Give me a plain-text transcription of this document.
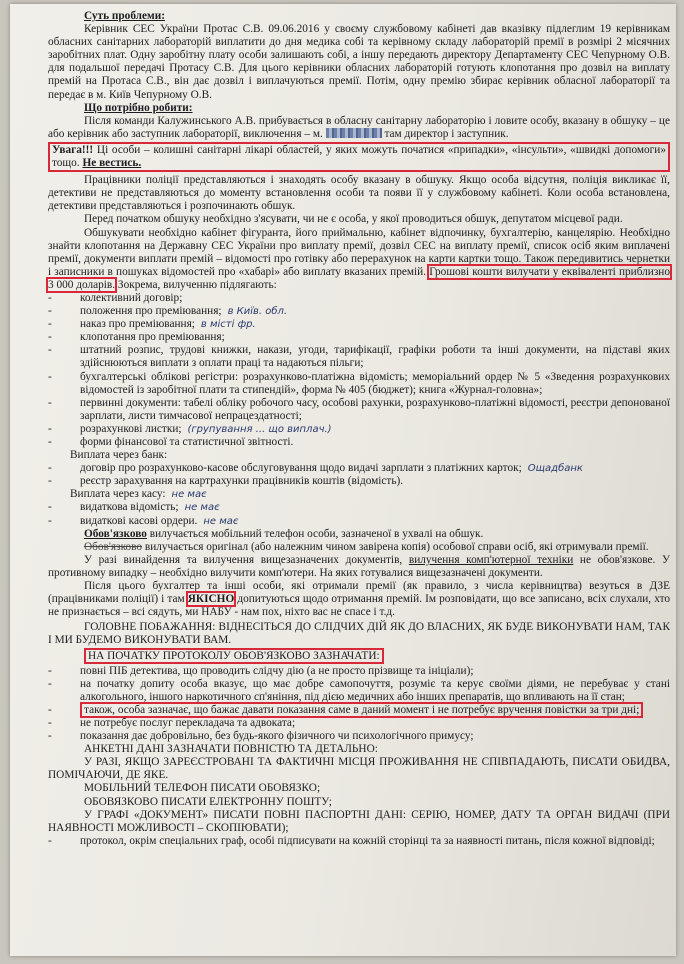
Суть проблеми:

Керівник СЕС України Протас С.В. 09.06.2016 у своєму службовому кабінеті дав вказівку підлеглим 19 керівникам обласних санітарних лабораторій виплатити до дня медика собі та керівному складу лабораторій премії в розмірі 2 місячних заробітних плат. Одну заробітну плату особи залишають собі, а іншу передають директору Департаменту СЕС Чепурному О.В. для подальшої передачі Протасу С.В. Для цього керівники обласних лабораторій готують клопотання про дозвіл на виплату премій на Протаса С.В., він дає дозвіл і виплачуються премії. Потім, одну премію збирає керівник обласної лабораторії та передає в м. Київ Чепурному О.В.

Що потрібно робити:

Після команди Калужинського А.В. прибувається в обласну санітарну лабораторію і ловите особу, вказану в обшуку – це або керівник або заступник лабораторії, виключення – м.	там директор і заступник.

Увага!!! Ці особи – колишні санітарні лікарі областей, у яких можуть початися «припадки», «інсульти», «швидкі допомоги» тощо. Не вестись.

Працівники поліції представляються і знаходять особу вказану в обшуку. Якщо особа відсутня, поліція викликає її, детективи не представляються до моменту встановлення особи та появи її у службовому кабінеті. Коли особа встановлена, детективи представляються і розпочинають обшук.

Перед початком обшуку необхідно з'ясувати, чи не є особа, у якої проводиться обшук, депутатом місцевої ради.

Обшукувати необхідно кабінет фігуранта, його приймальню, кабінет відпочинку, бухгалтерію, канцелярію. Необхідно знайти клопотання на Державну СЕС України про виплату премії, дозвіл СЕС на виплату премії, список осіб яким виплачені премії, документи виплати премій – відомості про готівку або перерахунок на карти картки тощо. Також передивитись чернетки і записники в пошуках відомостей про «хабарі» або виплату вказаних премій. Грошові кошти вилучати у еквіваленті приблизно 3 000 доларів. Зокрема, вилученню підлягають:

- колективний договір;
- положення про преміювання; в Київ. обл.
- наказ про преміювання; в місті фр.
- клопотання про преміювання;
- штатний розпис, трудові книжки, накази, угоди, тарифікації, графіки роботи та інші документи, на підставі яких здійснюються виплати з оплати праці та надаються пільги;
- бухгалтерські облікові регістри: розрахунково-платіжна відомість; меморіальний ордер № 5 «Зведення розрахункових відомостей із заробітної плати та стипендій», форма № 405 (бюджет); книга «Журнал-головна»;
- первинні документи: табелі обліку робочого часу, особові рахунки, розрахунково-платіжні відомості, реєстри депонованої зарплати, листи тимчасової непрацездатності;
- розрахункові листки; (групування ... що виплач.)
- форми фінансової та статистичної звітності.

Виплата через банк:

- договір про розрахунково-касове обслуговування щодо видачі зарплати з платіжних карток; Ощадбанк
- реєстр зарахування на картрахунки працівників коштів (відомість).

Виплата через касу: не має

- видаткова відомість; не має
- видаткові касові ордери. не має

Обов'язково вилучається мобільний телефон особи, зазначеної в ухвалі на обшук.

Обов'язково вилучається оригінал (або належним чином завірена копія) особової справи осіб, які отримували премії.

У разі винайдення та вилучення вищезазначених документів, вилучення комп'ютерної техніки не обов'язкове. У противному випадку – необхідно вилучити комп'ютери. На яких готувалися вищезазначені документи.

Після цього бухгалтер та інші особи, які отримали премії (як правило, з числа керівництва) везуться в ДЗЕ (працівниками поліції) і там ЯКІСНО допитуються щодо отримання премій. Ім розповідати, що все записано, всіх слухали, хто не признається – всі сядуть, ми НАБУ - нам пох, ніхто вас не спасе і т.д.

ГОЛОВНЕ ПОБАЖАННЯ: ВІДНЕСІТЬСЯ ДО СЛІДЧИХ ДІЙ ЯК ДО ВЛАСНИХ, ЯК БУДЕ ВИКОНУВАТИ НАМ, ТАК І МИ БУДЕМО ВИКОНУВАТИ ВАМ.

НА ПОЧАТКУ ПРОТОКОЛУ ОБОВ'ЯЗКОВО ЗАЗНАЧАТИ:

- повні ПІБ детектива, що проводить слідчу дію (а не просто прізвище та ініціали);
- на початку допиту особа вказує, що має добре самопочуття, розуміє та керує своїми діями, не перебуває у стані алкогольного, іншого наркотичного сп'яніння, під дією медичних або інших препаратів, що впливають на її стан;
- також, особа зазначає, що бажає давати показання саме в даний момент і не потребує вручення повістки за три дні;
- не потребує послуг перекладача та адвоката;
- показання дає добровільно, без будь-якого фізичного чи психологічного примусу;

АНКЕТНІ ДАНІ ЗАЗНАЧАТИ ПОВНІСТЮ ТА ДЕТАЛЬНО:

У РАЗІ, ЯКЩО ЗАРЕЄСТРОВАНІ ТА ФАКТИЧНІ МІСЦЯ ПРОЖИВАННЯ НЕ СПІВПАДАЮТЬ, ПИСАТИ ОБИДВА, ПОМІЧАЮЧИ, ДЕ ЯКЕ.

МОБІЛЬНИЙ ТЕЛЕФОН ПИСАТИ ОБОВЯЗКО;

ОБОВЯЗКОВО ПИСАТИ ЕЛЕКТРОННУ ПОШТУ;

У ГРАФІ «ДОКУМЕНТ» ПИСАТИ ПОВНІ ПАСПОРТНІ ДАНІ: СЕРІЮ, НОМЕР, ДАТУ ТА ОРГАН ВИДАЧІ (ПРИ НАЯВНОСТІ МОЖЛИВОСТІ – СКОПІЮВАТИ);

- протокол, окрім спеціальних граф, особі підписувати на кожній сторінці та за наявності питань, після кожної відповіді;
